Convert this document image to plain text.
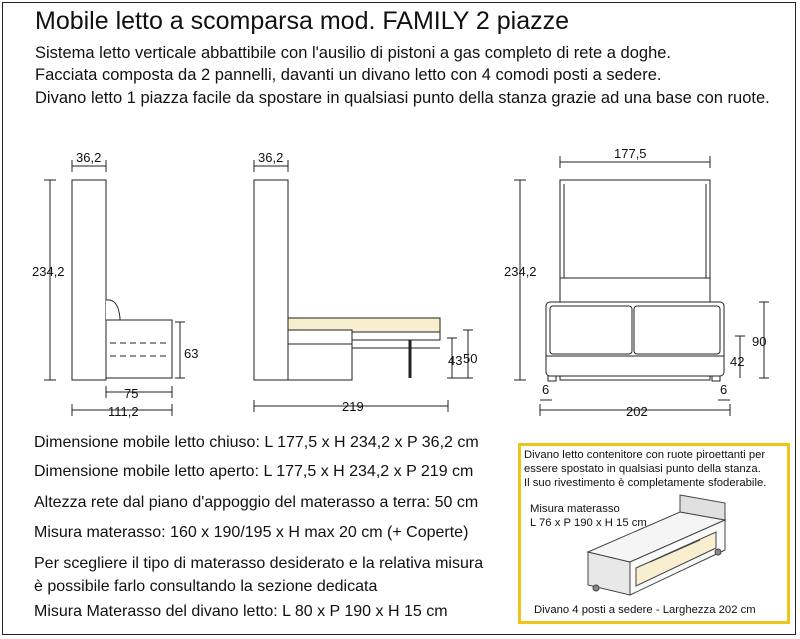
Mobile letto a scomparsa mod. FAMILY 2 piazze
Sistema letto verticale abbattibile con l'ausilio di pistoni a gas completo di rete a doghe.
Facciata composta da 2 pannelli, davanti un divano letto con 4 comodi posti a sedere.
Divano letto 1 piazza facile da spostare in qualsiasi punto della stanza grazie ad una base con ruote.
36,2
234,2
63
75
111,2
36,2
43 50
219
177,5
234,2
90
42
6	6
202
Dimensione mobile letto chiuso: L 177,5 x H 234,2 x P 36,2 cm
Dimensione mobile letto aperto: L 177,5 x H 234,2 x P 219 cm
Altezza rete dal piano d'appoggio del materasso a terra: 50 cm
Misura materasso: 160 x 190/195 x H max 20 cm (+ Coperte)
Per scegliere il tipo di materasso desiderato e la relativa misura
è possibile farlo consultando la sezione dedicata
Misura Materasso del divano letto: L 80 x P 190 x H 15 cm
Divano letto contenitore con ruote piroettanti per
essere spostato in qualsiasi punto della stanza.
Il suo rivestimento è completamente sfoderabile.
Misura materasso
L 76 x P 190 x H 15 cm
Divano 4 posti a sedere - Larghezza 202 cm
